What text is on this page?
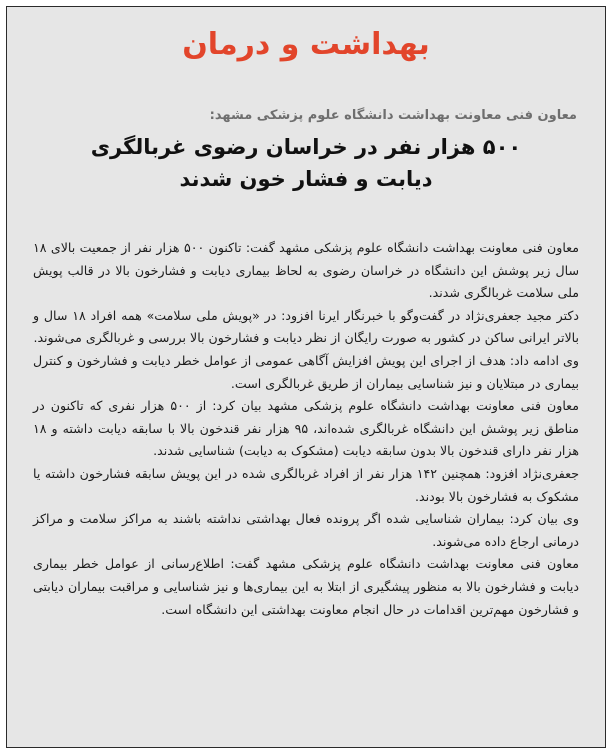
بهداشت و درمان
معاون فنی معاونت بهداشت دانشگاه علوم پزشکی مشهد:
۵۰۰ هزار نفر در خراسان رضوی غربالگری
دیابت و فشار خون شدند

معاون فنی معاونت بهداشت دانشگاه علوم پزشکی مشهد گفت: تاکنون ۵۰۰ هزار نفر از جمعیت بالای ۱۸ سال زیر پوشش این دانشگاه در خراسان رضوی به لحاظ بیماری دیابت و فشارخون بالا در قالب پویش ملی سلامت غربالگری شدند.

دکتر مجید جعفری‌نژاد در گفت‌وگو با خبرنگار ایرنا افزود: در «پویش ملی سلامت» همه افراد ۱۸ سال و بالاتر ایرانی ساکن در کشور به صورت رایگان از نظر دیابت و فشارخون بالا بررسی و غربالگری می‌شوند.

وی ادامه داد: هدف از اجرای این پویش افزایش آگاهی عمومی از عوامل خطر دیابت و فشارخون و کنترل بیماری در مبتلایان و نیز شناسایی بیماران از طریق غربالگری است.

معاون فنی معاونت بهداشت دانشگاه علوم پزشکی مشهد بیان کرد: از ۵۰۰ هزار نفری که تاکنون در مناطق زیر پوشش این دانشگاه غربالگری شده‌اند، ۹۵ هزار نفر قندخون بالا با سابقه دیابت داشته و ۱۸ هزار نفر دارای قندخون بالا بدون سابقه دیابت (مشکوک به دیابت) شناسایی شدند.

جعفری‌نژاد افزود: همچنین ۱۴۲ هزار نفر از افراد غربالگری شده در این پویش سابقه فشارخون داشته یا مشکوک به فشارخون بالا بودند.

وی بیان کرد: بیماران شناسایی شده اگر پرونده فعال بهداشتی نداشته باشند به مراکز سلامت و مراکز درمانی ارجاع داده می‌شوند.

معاون فنی معاونت بهداشت دانشگاه علوم پزشکی مشهد گفت: اطلاع‌رسانی از عوامل خطر بیماری دیابت و فشارخون بالا به منظور پیشگیری از ابتلا به این بیماری‌ها و نیز شناسایی و مراقبت بیماران دیابتی و فشارخون مهم‌ترین اقدامات در حال انجام معاونت بهداشتی این دانشگاه است.
